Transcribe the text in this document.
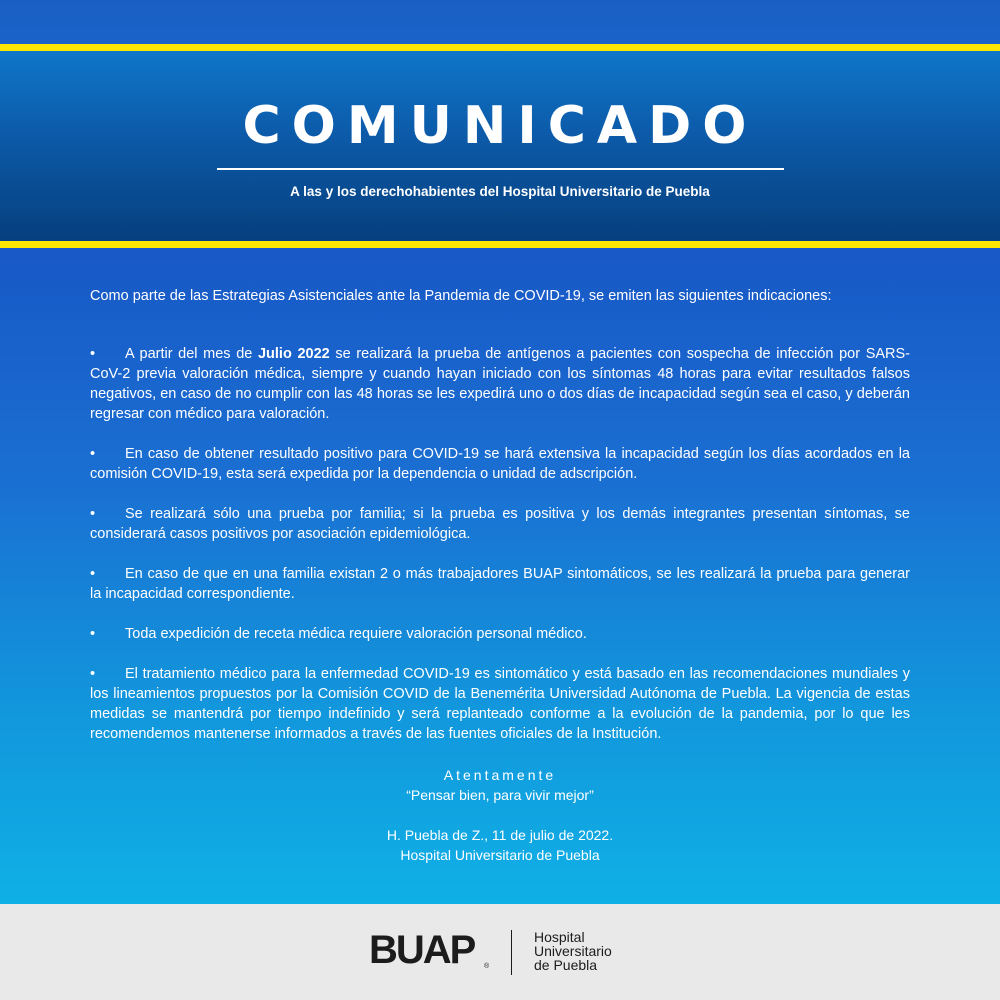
COMUNICADO
A las y los derechohabientes del Hospital Universitario de Puebla

Como parte de las Estrategias Asistenciales ante la Pandemia de COVID-19, se emiten las siguientes indicaciones:

• A partir del mes de Julio 2022 se realizará la prueba de antígenos a pacientes con sospecha de infección por SARS-CoV-2 previa valoración médica, siempre y cuando hayan iniciado con los síntomas 48 horas para evitar resultados falsos negativos, en caso de no cumplir con las 48 horas se les expedirá uno o dos días de incapacidad según sea el caso, y deberán regresar con médico para valoración.

• En caso de obtener resultado positivo para COVID-19 se hará extensiva la incapacidad según los días acordados en la comisión COVID-19, esta será expedida por la dependencia o unidad de adscripción.

• Se realizará sólo una prueba por familia; si la prueba es positiva y los demás integrantes presentan síntomas, se considerará casos positivos por asociación epidemiológica.

• En caso de que en una familia existan 2 o más trabajadores BUAP sintomáticos, se les realizará la prueba para generar la incapacidad correspondiente.

• Toda expedición de receta médica requiere valoración personal médico.

• El tratamiento médico para la enfermedad COVID-19 es sintomático y está basado en las recomendaciones mundiales y los lineamientos propuestos por la Comisión COVID de la Benemérita Universidad Autónoma de Puebla. La vigencia de estas medidas se mantendrá por tiempo indefinido y será replanteado conforme a la evolución de la pandemia, por lo que les recomendemos mantenerse informados a través de las fuentes oficiales de la Institución.

Atentamente
“Pensar bien, para vivir mejor”
H. Puebla de Z., 11 de julio de 2022.
Hospital Universitario de Puebla
BUAP ®
Hospital
Universitario
de Puebla
